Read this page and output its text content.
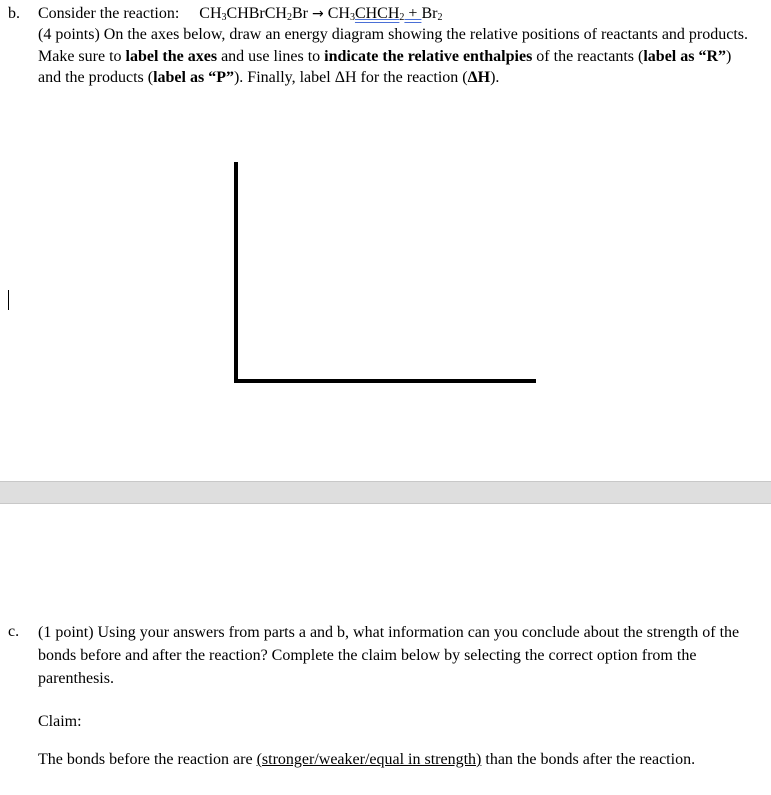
b. Consider the reaction: $CH_3CHBrCH_2Br$ → $CH_3CHCH_2 + Br_2$

(4 points) On the axes below, draw an energy diagram showing the relative positions of reactants and products. Make sure to label the axes and use lines to indicate the relative enthalpies of the reactants (label as “R”) and the products (label as “P”). Finally, label ΔH for the reaction (ΔH).

c. (1 point) Using your answers from parts a and b, what information can you conclude about the strength of the bonds before and after the reaction? Complete the claim below by selecting the correct option from the parenthesis.

Claim:
The bonds before the reaction are (stronger/weaker/equal in strength) than the bonds after the reaction.
